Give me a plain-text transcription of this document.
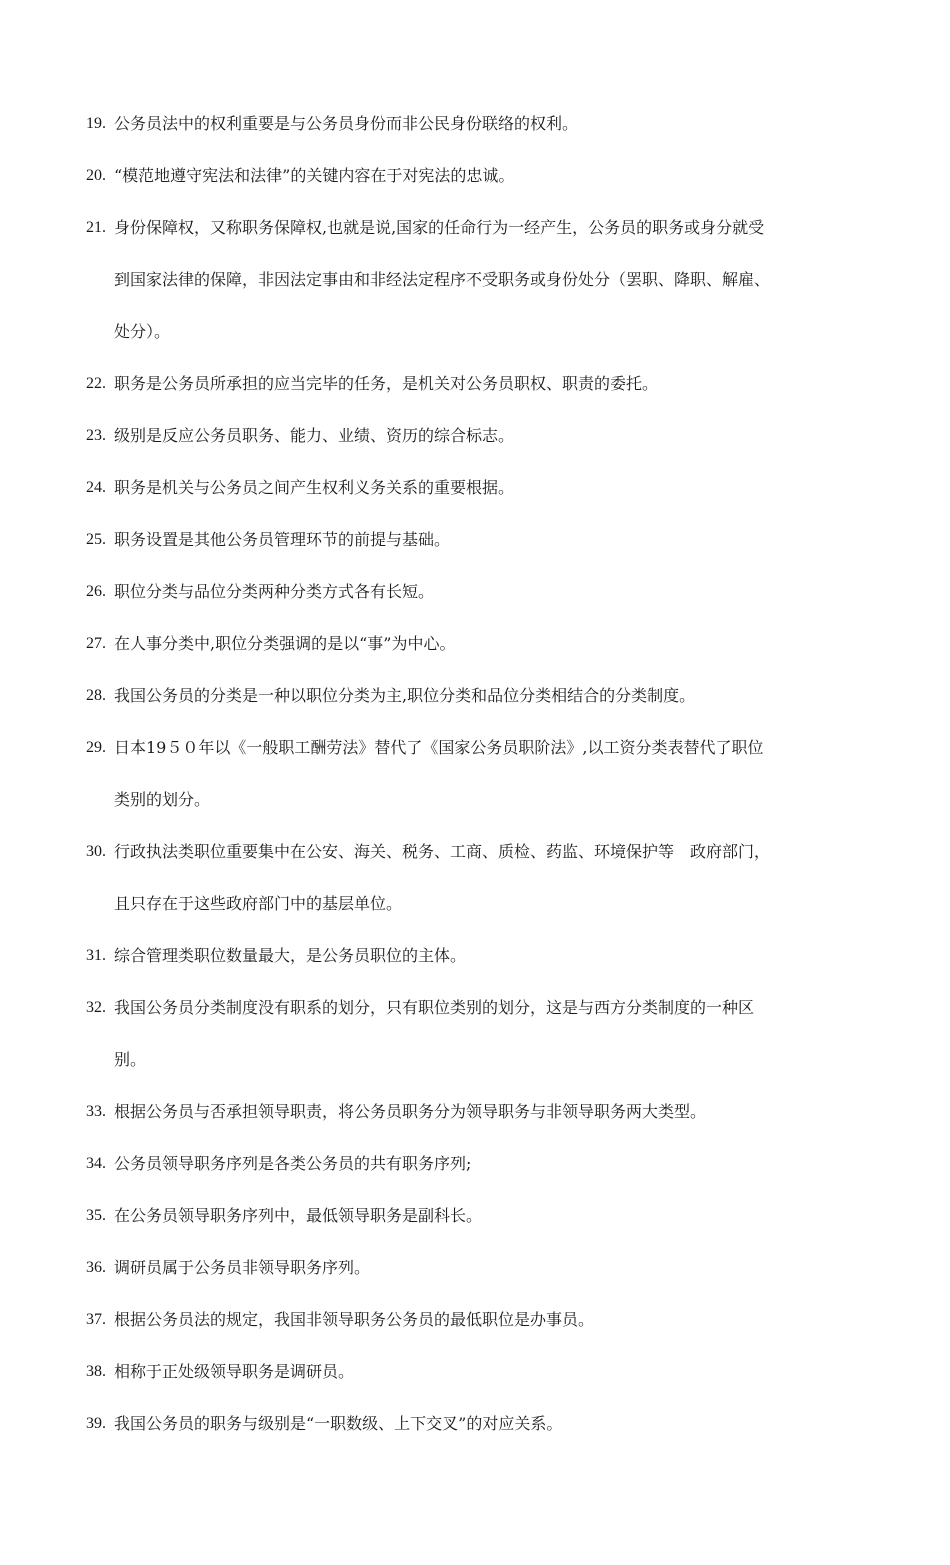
19. 公务员法中的权利重要是与公务员身份而非公民身份联络的权利。
20. “模范地遵守宪法和法律”的关键内容在于对宪法的忠诚。
21. 身份保障权，又称职务保障权,也就是说,国家的任命行为一经产生，公务员的职务或身分就受
到国家法律的保障，非因法定事由和非经法定程序不受职务或身份处分（罢职、降职、解雇、
处分）。
22. 职务是公务员所承担的应当完毕的任务，是机关对公务员职权、职责的委托。
23. 级别是反应公务员职务、能力、业绩、资历的综合标志。
24. 职务是机关与公务员之间产生权利义务关系的重要根据。
25. 职务设置是其他公务员管理环节的前提与基础。
26. 职位分类与品位分类两种分类方式各有长短。
27. 在人事分类中,职位分类强调的是以“事”为中心。
28. 我国公务员的分类是一种以职位分类为主,职位分类和品位分类相结合的分类制度。
29. 日本19５０年以《一般职工酬劳法》替代了《国家公务员职阶法》,以工资分类表替代了职位
类别的划分。
30. 行政执法类职位重要集中在公安、海关、税务、工商、质检、药监、环境保护等　政府部门，
且只存在于这些政府部门中的基层单位。
31. 综合管理类职位数量最大，是公务员职位的主体。
32. 我国公务员分类制度没有职系的划分，只有职位类别的划分，这是与西方分类制度的一种区
别。
33. 根据公务员与否承担领导职责，将公务员职务分为领导职务与非领导职务两大类型。
34. 公务员领导职务序列是各类公务员的共有职务序列;
35. 在公务员领导职务序列中，最低领导职务是副科长。
36. 调研员属于公务员非领导职务序列。
37. 根据公务员法的规定，我国非领导职务公务员的最低职位是办事员。
38. 相称于正处级领导职务是调研员。
39. 我国公务员的职务与级别是“一职数级、上下交叉”的对应关系。
